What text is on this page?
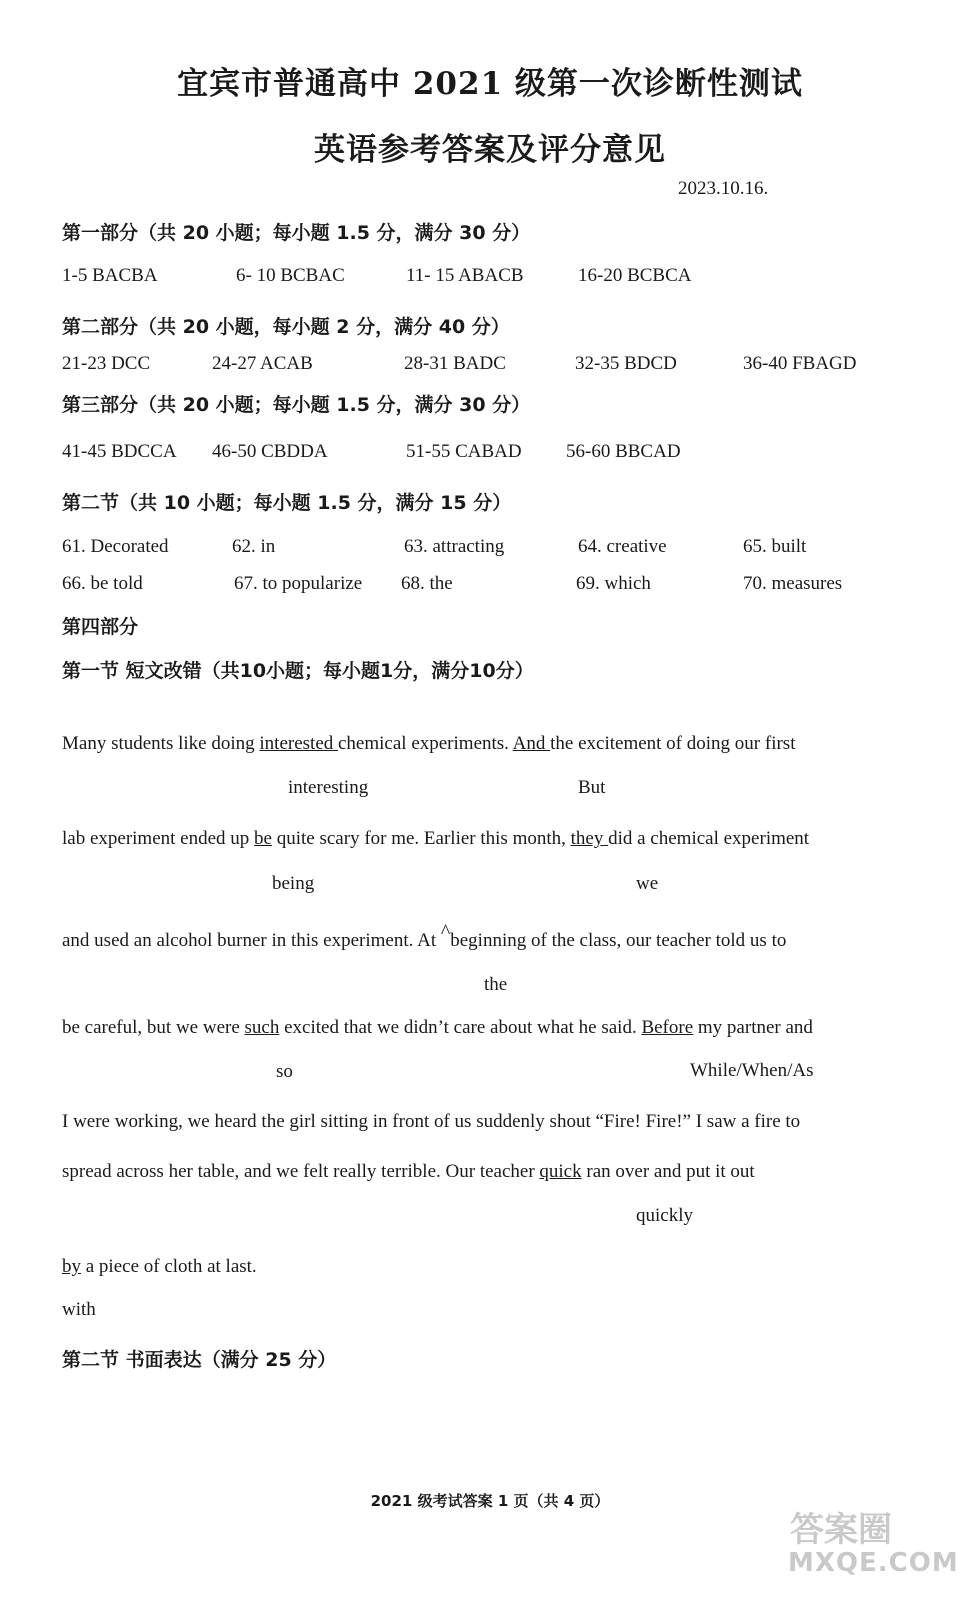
宜宾市普通高中 2021 级第一次诊断性测试
英语参考答案及评分意见
2023.10.16.
第一部分（共 20 小题；每小题 1.5 分，满分 30 分）
1-5 BACBA	6- 10 BCBAC	11- 15 ABACB	16-20 BCBCA
第二部分（共 20 小题，每小题 2 分，满分 40 分）
21-23 DCC	24-27 ACAB	28-31 BADC	32-35 BDCD	36-40 FBAGD
第三部分（共 20 小题；每小题 1.5 分，满分 30 分）
41-45 BDCCA 46-50 CBDDA	51-55 CABAD 56-60 BBCAD
第二节（共 10 小题；每小题 1.5 分，满分 15 分）
61. Decorated	62. in	63. attracting	64. creative	65. built
66. be told	67. to popularize 68. the	69. which	70. measures
第四部分
第一节 短文改错（共10小题；每小题1分，满分10分）
Many students like doing interested chemical experiments. And the excitement of doing our first
interesting	But
lab experiment ended up be quite scary for me. Earlier this month, they did a chemical experiment
being	we
and used an alcohol burner in this experiment. At ^beginning of the class, our teacher told us to
the
be careful, but we were such excited that we didn’t care about what he said. Before my partner and
so	While/When/As
I were working, we heard the girl sitting in front of us suddenly shout “Fire! Fire!” I saw a fire to
spread across her table, and we felt really terrible. Our teacher quick ran over and put it out
quickly
by a piece of cloth at last.
with
第二节 书面表达（满分 25 分）
2021 级考试答案 1 页（共 4 页）
答案圈
MXQE.COM
